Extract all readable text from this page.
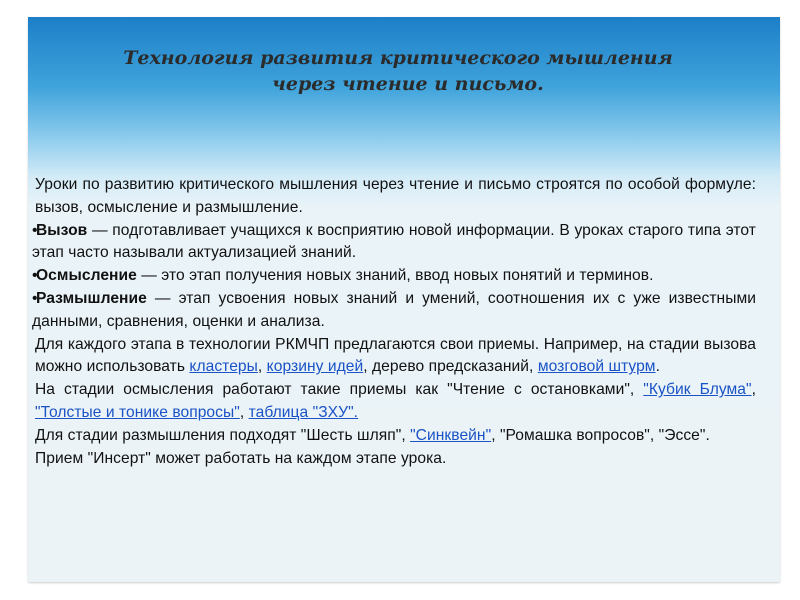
Технология развития критического мышления
через чтение и письмо.

Уроки по развитию критического мышления через чтение и письмо строятся по особой формуле: вызов, осмысление и размышление.

•Вызов — подготавливает учащихся к восприятию новой информации. В уроках старого типа этот этап часто называли актуализацией знаний.

•Осмысление — это этап получения новых знаний, ввод новых понятий и терминов.

•Размышление — этап усвоения новых знаний и умений, соотношения их с уже известными данными, сравнения, оценки и анализа.

Для каждого этапа в технологии РКМЧП предлагаются свои приемы. Например, на стадии вызова можно использовать кластеры, корзину идей, дерево предсказаний, мозговой штурм.

На стадии осмысления работают такие приемы как "Чтение с остановками", "Кубик Блума", "Толстые и тонике вопросы", таблица "ЗХУ".

Для стадии размышления подходят "Шесть шляп", "Синквейн", "Ромашка вопросов", "Эссе".

Прием "Инсерт" может работать на каждом этапе урока.
